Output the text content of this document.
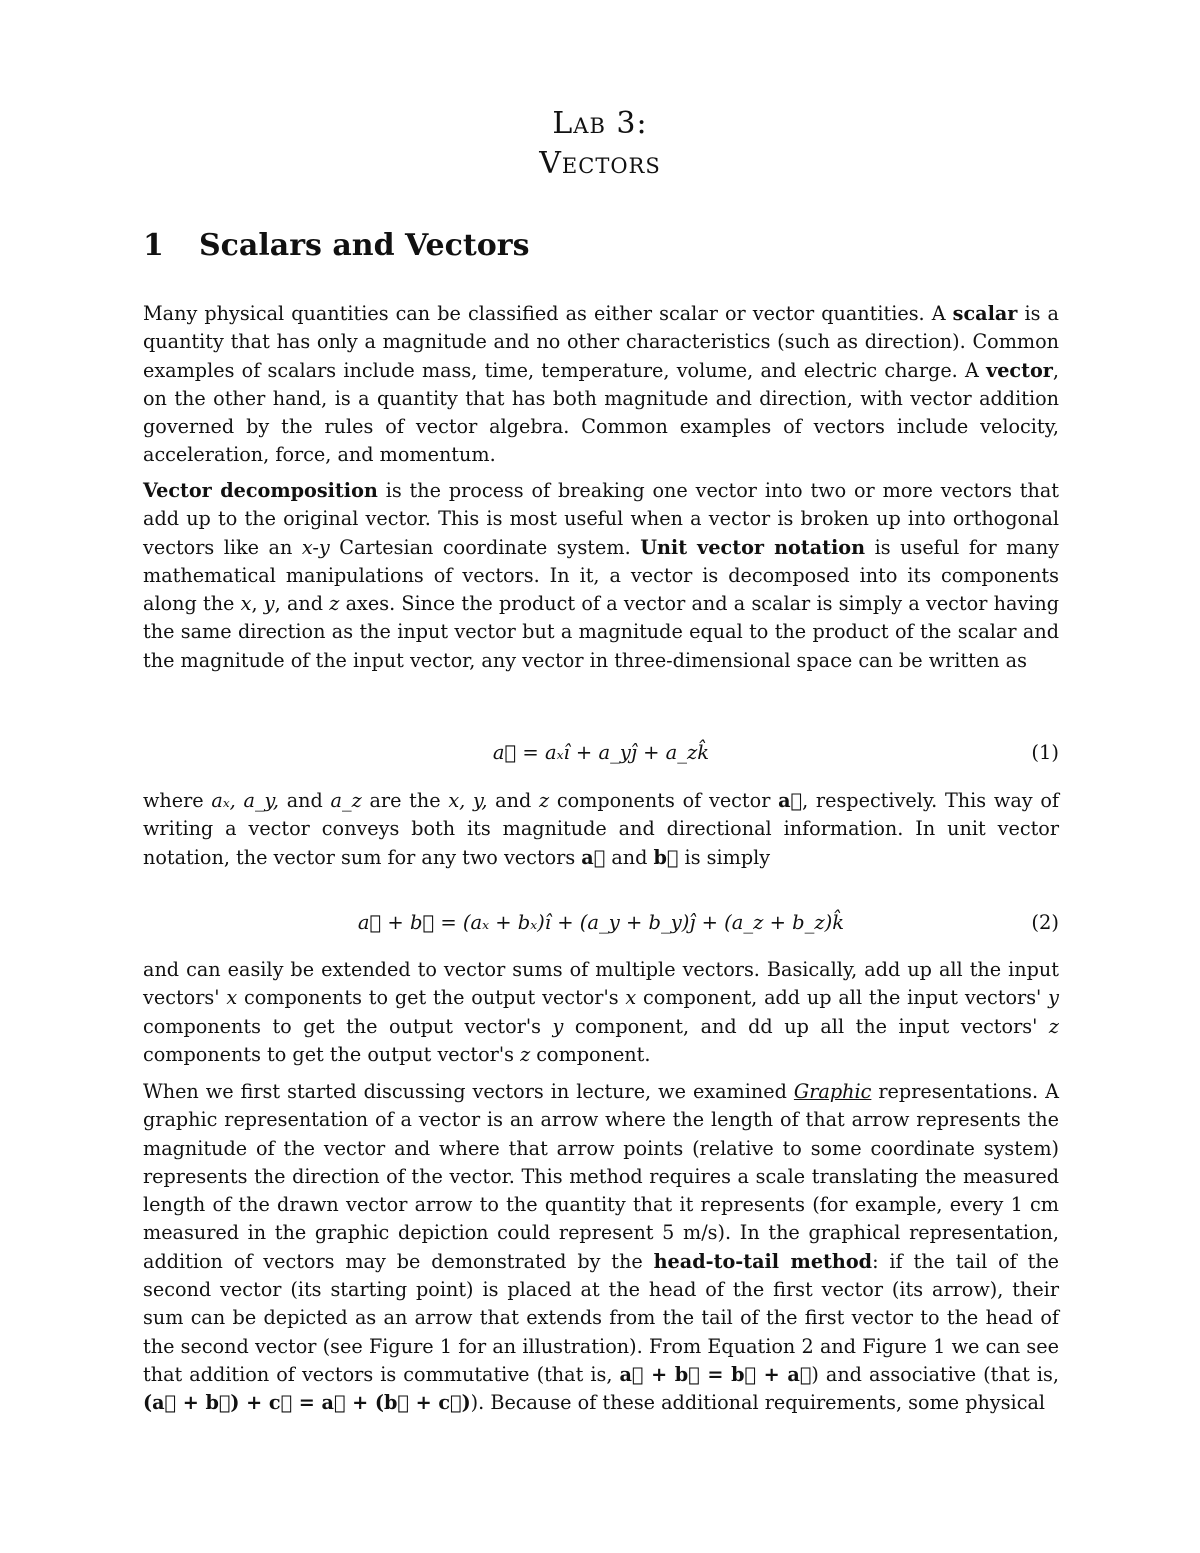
Lab 3:
Vectors
1 Scalars and Vectors

Many physical quantities can be classified as either scalar or vector quantities. A scalar is a quantity that has only a magnitude and no other characteristics (such as direction). Common examples of scalars include mass, time, temperature, volume, and electric charge. A vector, on the other hand, is a quantity that has both magnitude and direction, with vector addition governed by the rules of vector algebra. Common examples of vectors include velocity, acceleration, force, and momentum.

Vector decomposition is the process of breaking one vector into two or more vectors that add up to the original vector. This is most useful when a vector is broken up into orthogonal vectors like an x-y Cartesian coordinate system. Unit vector notation is useful for many mathematical manipulations of vectors. In it, a vector is decomposed into its components along the x, y, and z axes. Since the product of a vector and a scalar is simply a vector having the same direction as the input vector but a magnitude equal to the product of the scalar and the magnitude of the input vector, any vector in three-dimensional space can be written as

a⃗ = aₓî + a_yĵ + a_zk̂	(1)

where aₓ, a_y, and a_z are the x, y, and z components of vector a⃗, respectively. This way of writing a vector conveys both its magnitude and directional information. In unit vector notation, the vector sum for any two vectors a⃗ and b⃗ is simply

a⃗ + b⃗ = (aₓ + bₓ)î + (a_y + b_y)ĵ + (a_z + b_z)k̂	(2)

and can easily be extended to vector sums of multiple vectors. Basically, add up all the input vectors' x components to get the output vector's x component, add up all the input vectors' y components to get the output vector's y component, and dd up all the input vectors' z components to get the output vector's z component.

When we first started discussing vectors in lecture, we examined Graphic representations. A graphic representation of a vector is an arrow where the length of that arrow represents the magnitude of the vector and where that arrow points (relative to some coordinate system) represents the direction of the vector. This method requires a scale translating the measured length of the drawn vector arrow to the quantity that it represents (for example, every 1 cm measured in the graphic depiction could represent 5 m/s). In the graphical representation, addition of vectors may be demonstrated by the head-to-tail method: if the tail of the second vector (its starting point) is placed at the head of the first vector (its arrow), their sum can be depicted as an arrow that extends from the tail of the first vector to the head of the second vector (see Figure 1 for an illustration). From Equation 2 and Figure 1 we can see that addition of vectors is commutative (that is, a⃗ + b⃗ = b⃗ + a⃗) and associative (that is, (a⃗ + b⃗) + c⃗ = a⃗ + (b⃗ + c⃗)). Because of these additional requirements, some physical
